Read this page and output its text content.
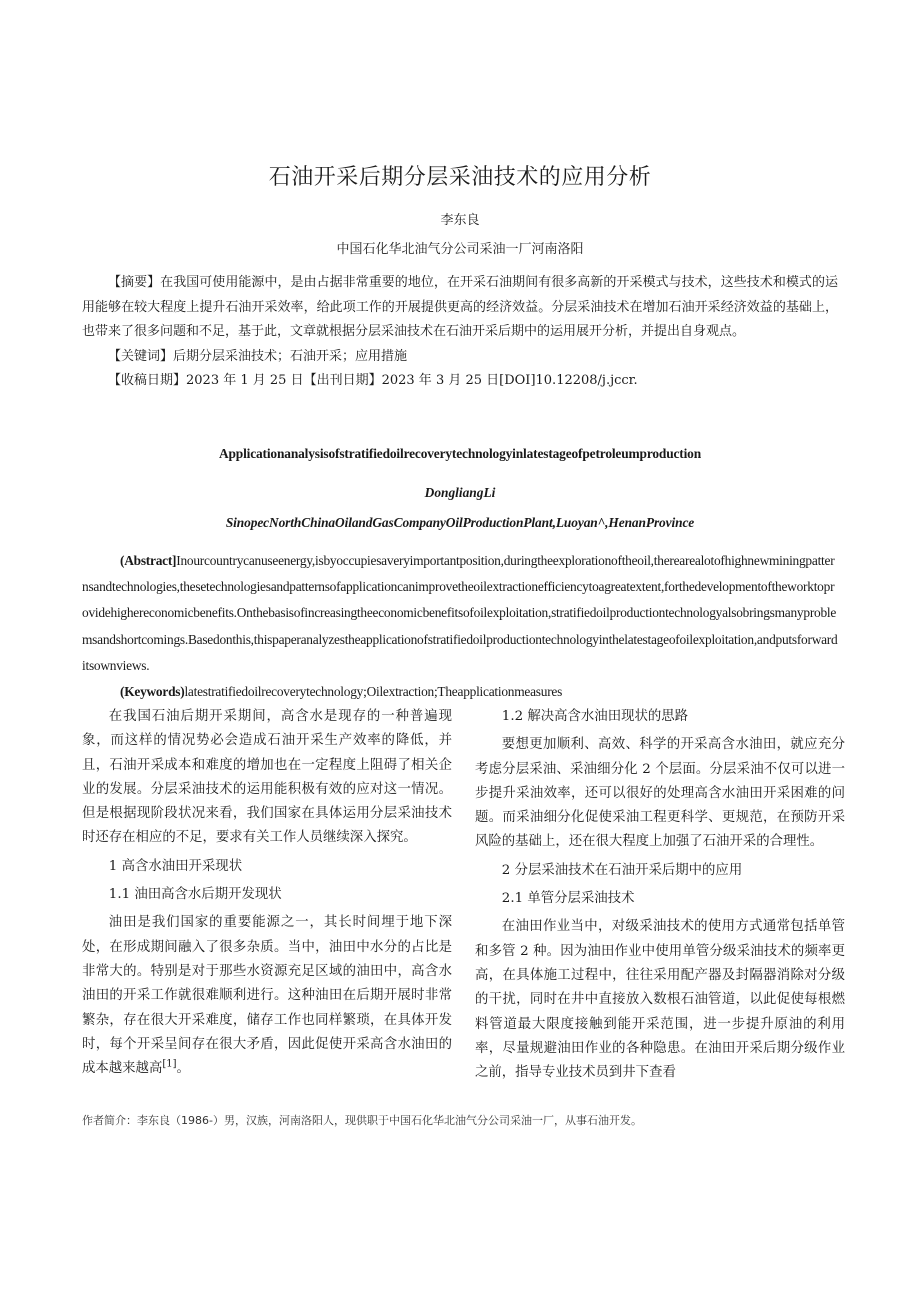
石油开采后期分层采油技术的应用分析
李东良
中国石化华北油气分公司采油一厂河南洛阳

【摘要】在我国可使用能源中，是由占据非常重要的地位，在开采石油期间有很多高新的开采模式与技术，这些技术和模式的运用能够在较大程度上提升石油开采效率，给此项工作的开展提供更高的经济效益。分层采油技术在增加石油开采经济效益的基础上，也带来了很多问题和不足，基于此，文章就根据分层采油技术在石油开采后期中的运用展开分析，并提出自身观点。

【关键词】后期分层采油技术；石油开采；应用措施

【收稿日期】2023 年 1 月 25 日【出刊日期】2023 年 3 月 25 日[DOI]10.12208/j.jccr.

Applicationanalysisofstratifiedoilrecoverytechnologyinlatestageofpetroleumproduction
DongliangLi
SinopecNorthChinaOilandGasCompanyOilProductionPlant,Luoyan^,HenanProvince

(Abstract]Inourcountrycanuseenergy,isbyoccupiesaveryimportantposition,duringtheexplorationoftheoil,therearealotofhighnewminingpatternsandtechnologies,thesetechnologiesandpatternsofapplicationcanimprovetheoilextractionefficiencytoagreatextent,forthedevelopmentoftheworktoprovidehighereconomicbenefits.Onthebasisofincreasingtheeconomicbenefitsofoilexploitation,stratifiedoilproductiontechnologyalsobringsmanyproblemsandshortcomings.Basedonthis,thispaperanalyzestheapplicationofstratifiedoilproductiontechnologyinthelatestageofoilexploitation,andputsforwarditsownviews.

(Keywords)latestratifiedoilrecoverytechnology;Oilextraction;Theapplicationmeasures

在我国石油后期开采期间，高含水是现存的一种普遍现象，而这样的情况势必会造成石油开采生产效率的降低，并且，石油开采成本和难度的增加也在一定程度上阻碍了相关企业的发展。分层采油技术的运用能积极有效的应对这一情况。但是根据现阶段状况来看，我们国家在具体运用分层采油技术时还存在相应的不足，要求有关工作人员继续深入探究。

1 高含水油田开采现状

1.1 油田高含水后期开发现状

油田是我们国家的重要能源之一，其长时间埋于地下深处，在形成期间融入了很多杂质。当中，油田中水分的占比是非常大的。特别是对于那些水资源充足区域的油田中，高含水油田的开采工作就很难顺利进行。这种油田在后期开展时非常繁杂，存在很大开采难度，储存工作也同样繁琐，在具体开发时，每个开采呈间存在很大矛盾，因此促使开采高含水油田的成本越来越高[1]。

1.2 解决高含水油田现状的思路

要想更加顺利、高效、科学的开采高含水油田，就应充分考虑分层采油、采油细分化 2 个层面。分层采油不仅可以进一步提升采油效率，还可以很好的处理高含水油田开采困难的问题。而采油细分化促使采油工程更科学、更规范，在预防开采风险的基础上，还在很大程度上加强了石油开采的合理性。

2 分层采油技术在石油开采后期中的应用

2.1 单管分层采油技术

在油田作业当中，对级采油技术的使用方式通常包括单管和多管 2 种。因为油田作业中使用单管分级采油技术的频率更高，在具体施工过程中，往往采用配产器及封隔器消除对分级的干扰，同时在井中直接放入数根石油管道，以此促使每根燃料管道最大限度接触到能开采范围，进一步提升原油的利用率，尽量规避油田作业的各种隐患。在油田开采后期分级作业之前，指导专业技术员到井下查看

作者简介：李东良（1986-）男，汉族，河南洛阳人，现供职于中国石化华北油气分公司采油一厂，从事石油开发。
